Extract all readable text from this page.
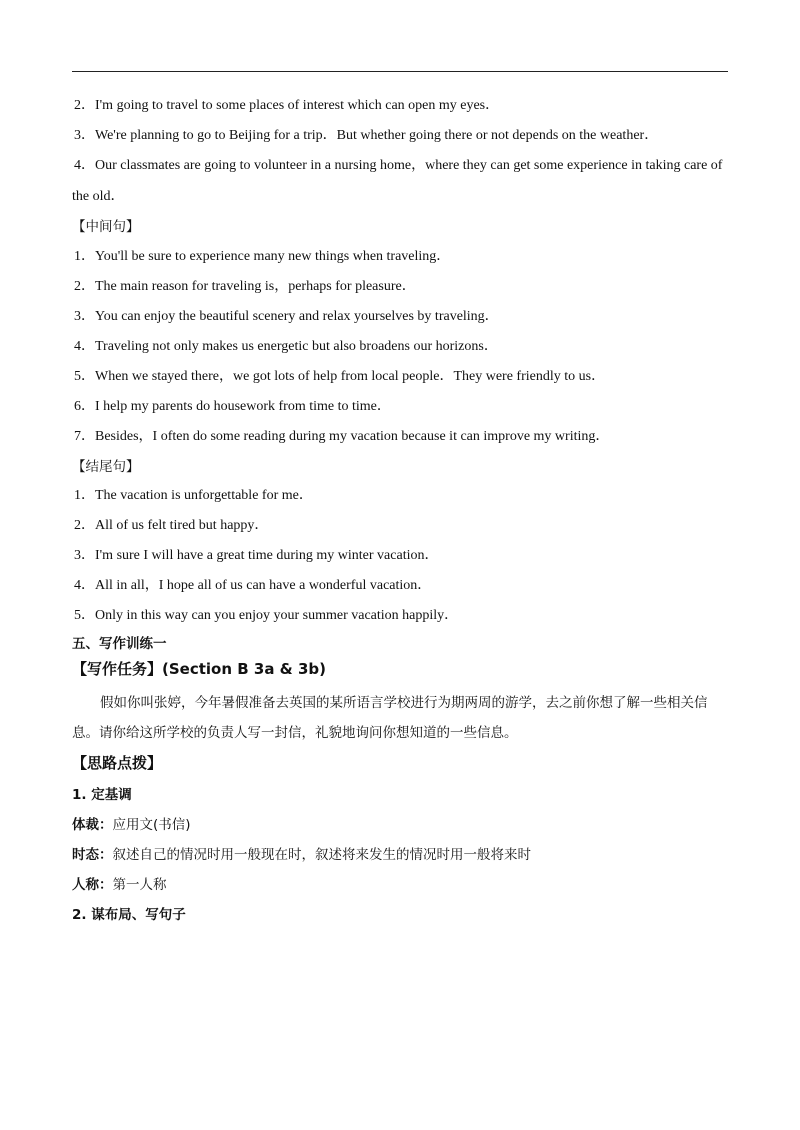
2．I'm going to travel to some places of interest which can open my eyes．
3．We're planning to go to Beijing for a trip．But whether going there or not depends on the weather．
4．Our classmates are going to volunteer in a nursing home，where they can get some experience in taking care of
the old．
【中间句】
1．You'll be sure to experience many new things when traveling．
2．The main reason for traveling is，perhaps for pleasure．
3．You can enjoy the beautiful scenery and relax yourselves by traveling．
4．Traveling not only makes us energetic but also broadens our horizons．
5．When we stayed there，we got lots of help from local people．They were friendly to us．
6．I help my parents do housework from time to time．
7．Besides，I often do some reading during my vacation because it can improve my writing．
【结尾句】
1．The vacation is unforgettable for me．
2．All of us felt tired but happy．
3．I'm sure I will have a great time during my winter vacation．
4．All in all，I hope all of us can have a wonderful vacation．
5．Only in this way can you enjoy your summer vacation happily．
五、写作训练一
【写作任务】(Section B 3a & 3b)
假如你叫张婷，今年暑假准备去英国的某所语言学校进行为期两周的游学，去之前你想了解一些相关信息。请你给这所学校的负责人写一封信，礼貌地询问你想知道的一些信息。
【思路点拨】
1. 定基调
体裁：应用文(书信)
时态：叙述自己的情况时用一般现在时，叙述将来发生的情况时用一般将来时
人称：第一人称
2. 谋布局、写句子
